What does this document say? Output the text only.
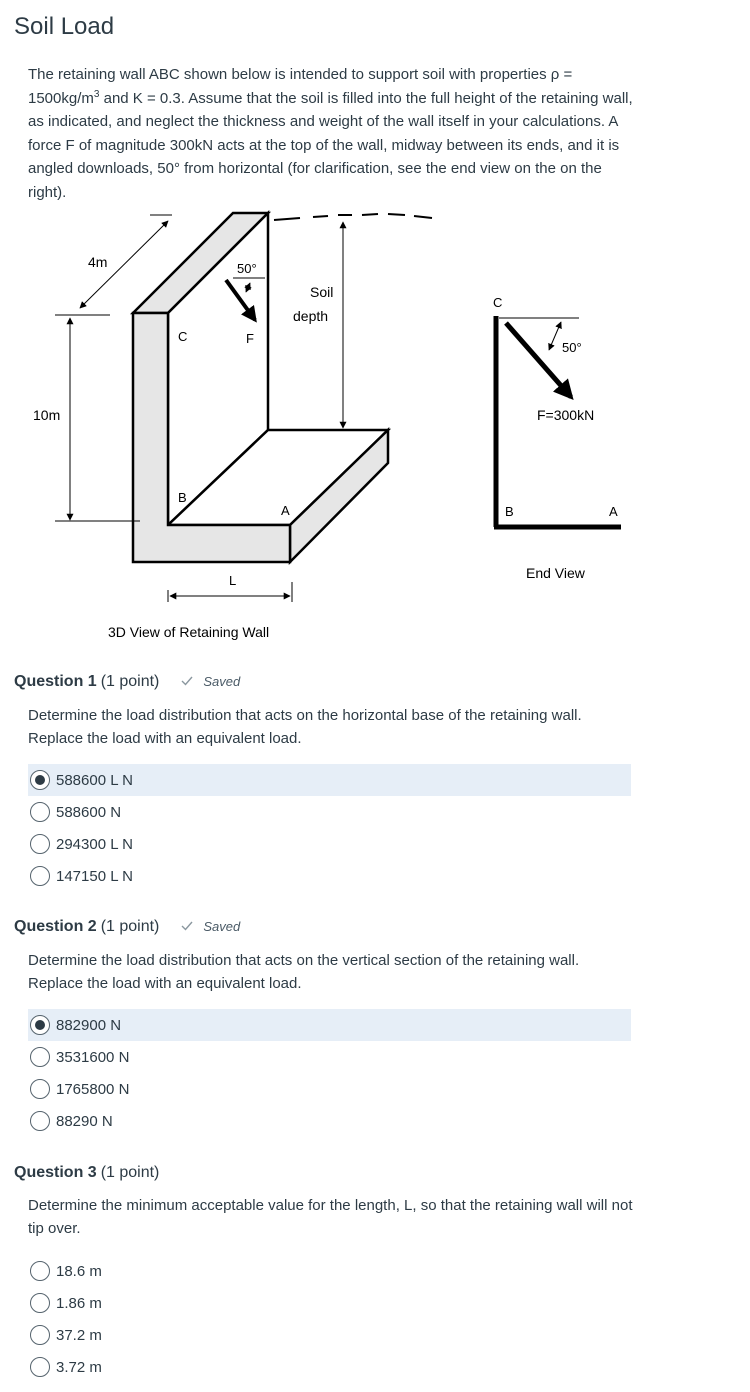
Soil Load

The retaining wall ABC shown below is intended to support soil with properties $\rho = 1500kg/m^3$ and K = 0.3. Assume that the soil is filled into the full height of the retaining wall, as indicated, and neglect the thickness and weight of the wall itself in your calculations. A force F of magnitude 300kN acts at the top of the wall, midway between its ends, and it is angled downloads, 50° from horizontal (for clarification, see the end view on the on the right).

4m
10m
50°
F
C
B
A
Soil
depth
L
3D View of Retaining Wall
C
50°
F=300kN
B	A
End View
Question 1 (1 point)	Saved

Determine the load distribution that acts on the horizontal base of the retaining wall. Replace the load with an equivalent load.

588600 L N
588600 N
294300 L N
147150 L N
Question 2 (1 point)	Saved

Determine the load distribution that acts on the vertical section of the retaining wall. Replace the load with an equivalent load.

882900 N
3531600 N
1765800 N
88290 N
Question 3 (1 point)

Determine the minimum acceptable value for the length, L, so that the retaining wall will not tip over.

18.6 m
1.86 m
37.2 m
3.72 m
